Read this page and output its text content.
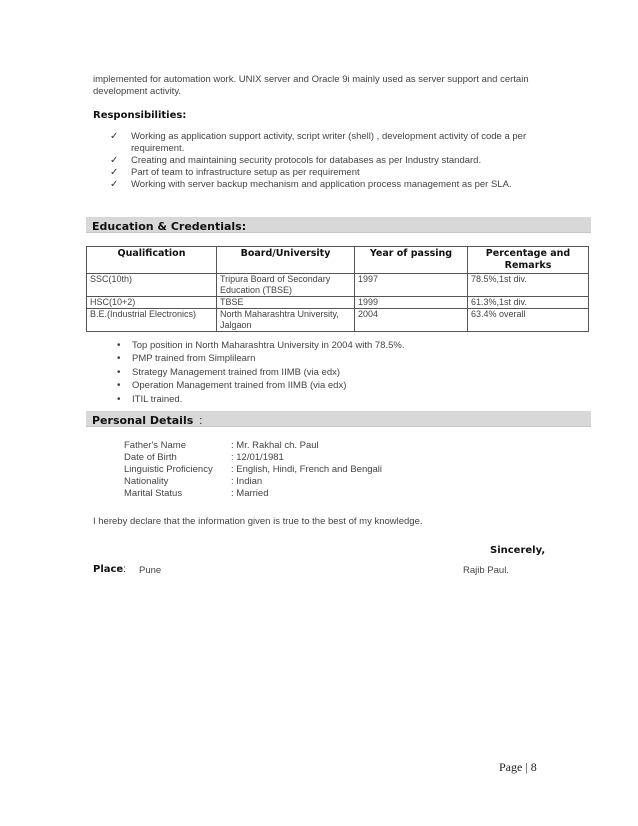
implemented for automation work. UNIX server and Oracle 9i mainly used as server support and certain development activity.
Responsibilities:
✓ Working as application support activity, script writer (shell) , development activity of code a per requirement.
✓ Creating and maintaining security protocols for databases as per Industry standard.
✓ Part of team to infrastructure setup as per requirement
✓ Working with server backup mechanism and application process management as per SLA.
Education & Credentials:
Qualification	Board/University	Year of passing	Percentage and Remarks
SSC(10th)	Tripura Board of Secondary Education (TBSE)	1997	78.5%,1st div.
HSC(10+2)	TBSE	1999	61.3%,1st div.
B.E.(Industrial Electronics)	North Maharashtra University, Jalgaon	2004	63.4% overall
• Top position in North Maharashtra University in 2004 with 78.5%.
• PMP trained from Simplilearn
• Strategy Management trained from IIMB (via edx)
• Operation Management trained from IIMB (via edx)
• ITIL trained.
Personal Details :
Father's Name	: Mr. Rakhal ch. Paul
Date of Birth	: 12/01/1981
Linguistic Proficiency	: English, Hindi, French and Bengali
Nationality	: Indian
Marital Status	: Married
I hereby declare that the information given is true to the best of my knowledge.
Sincerely,
Place: Pune	Rajib Paul.
Page | 8
